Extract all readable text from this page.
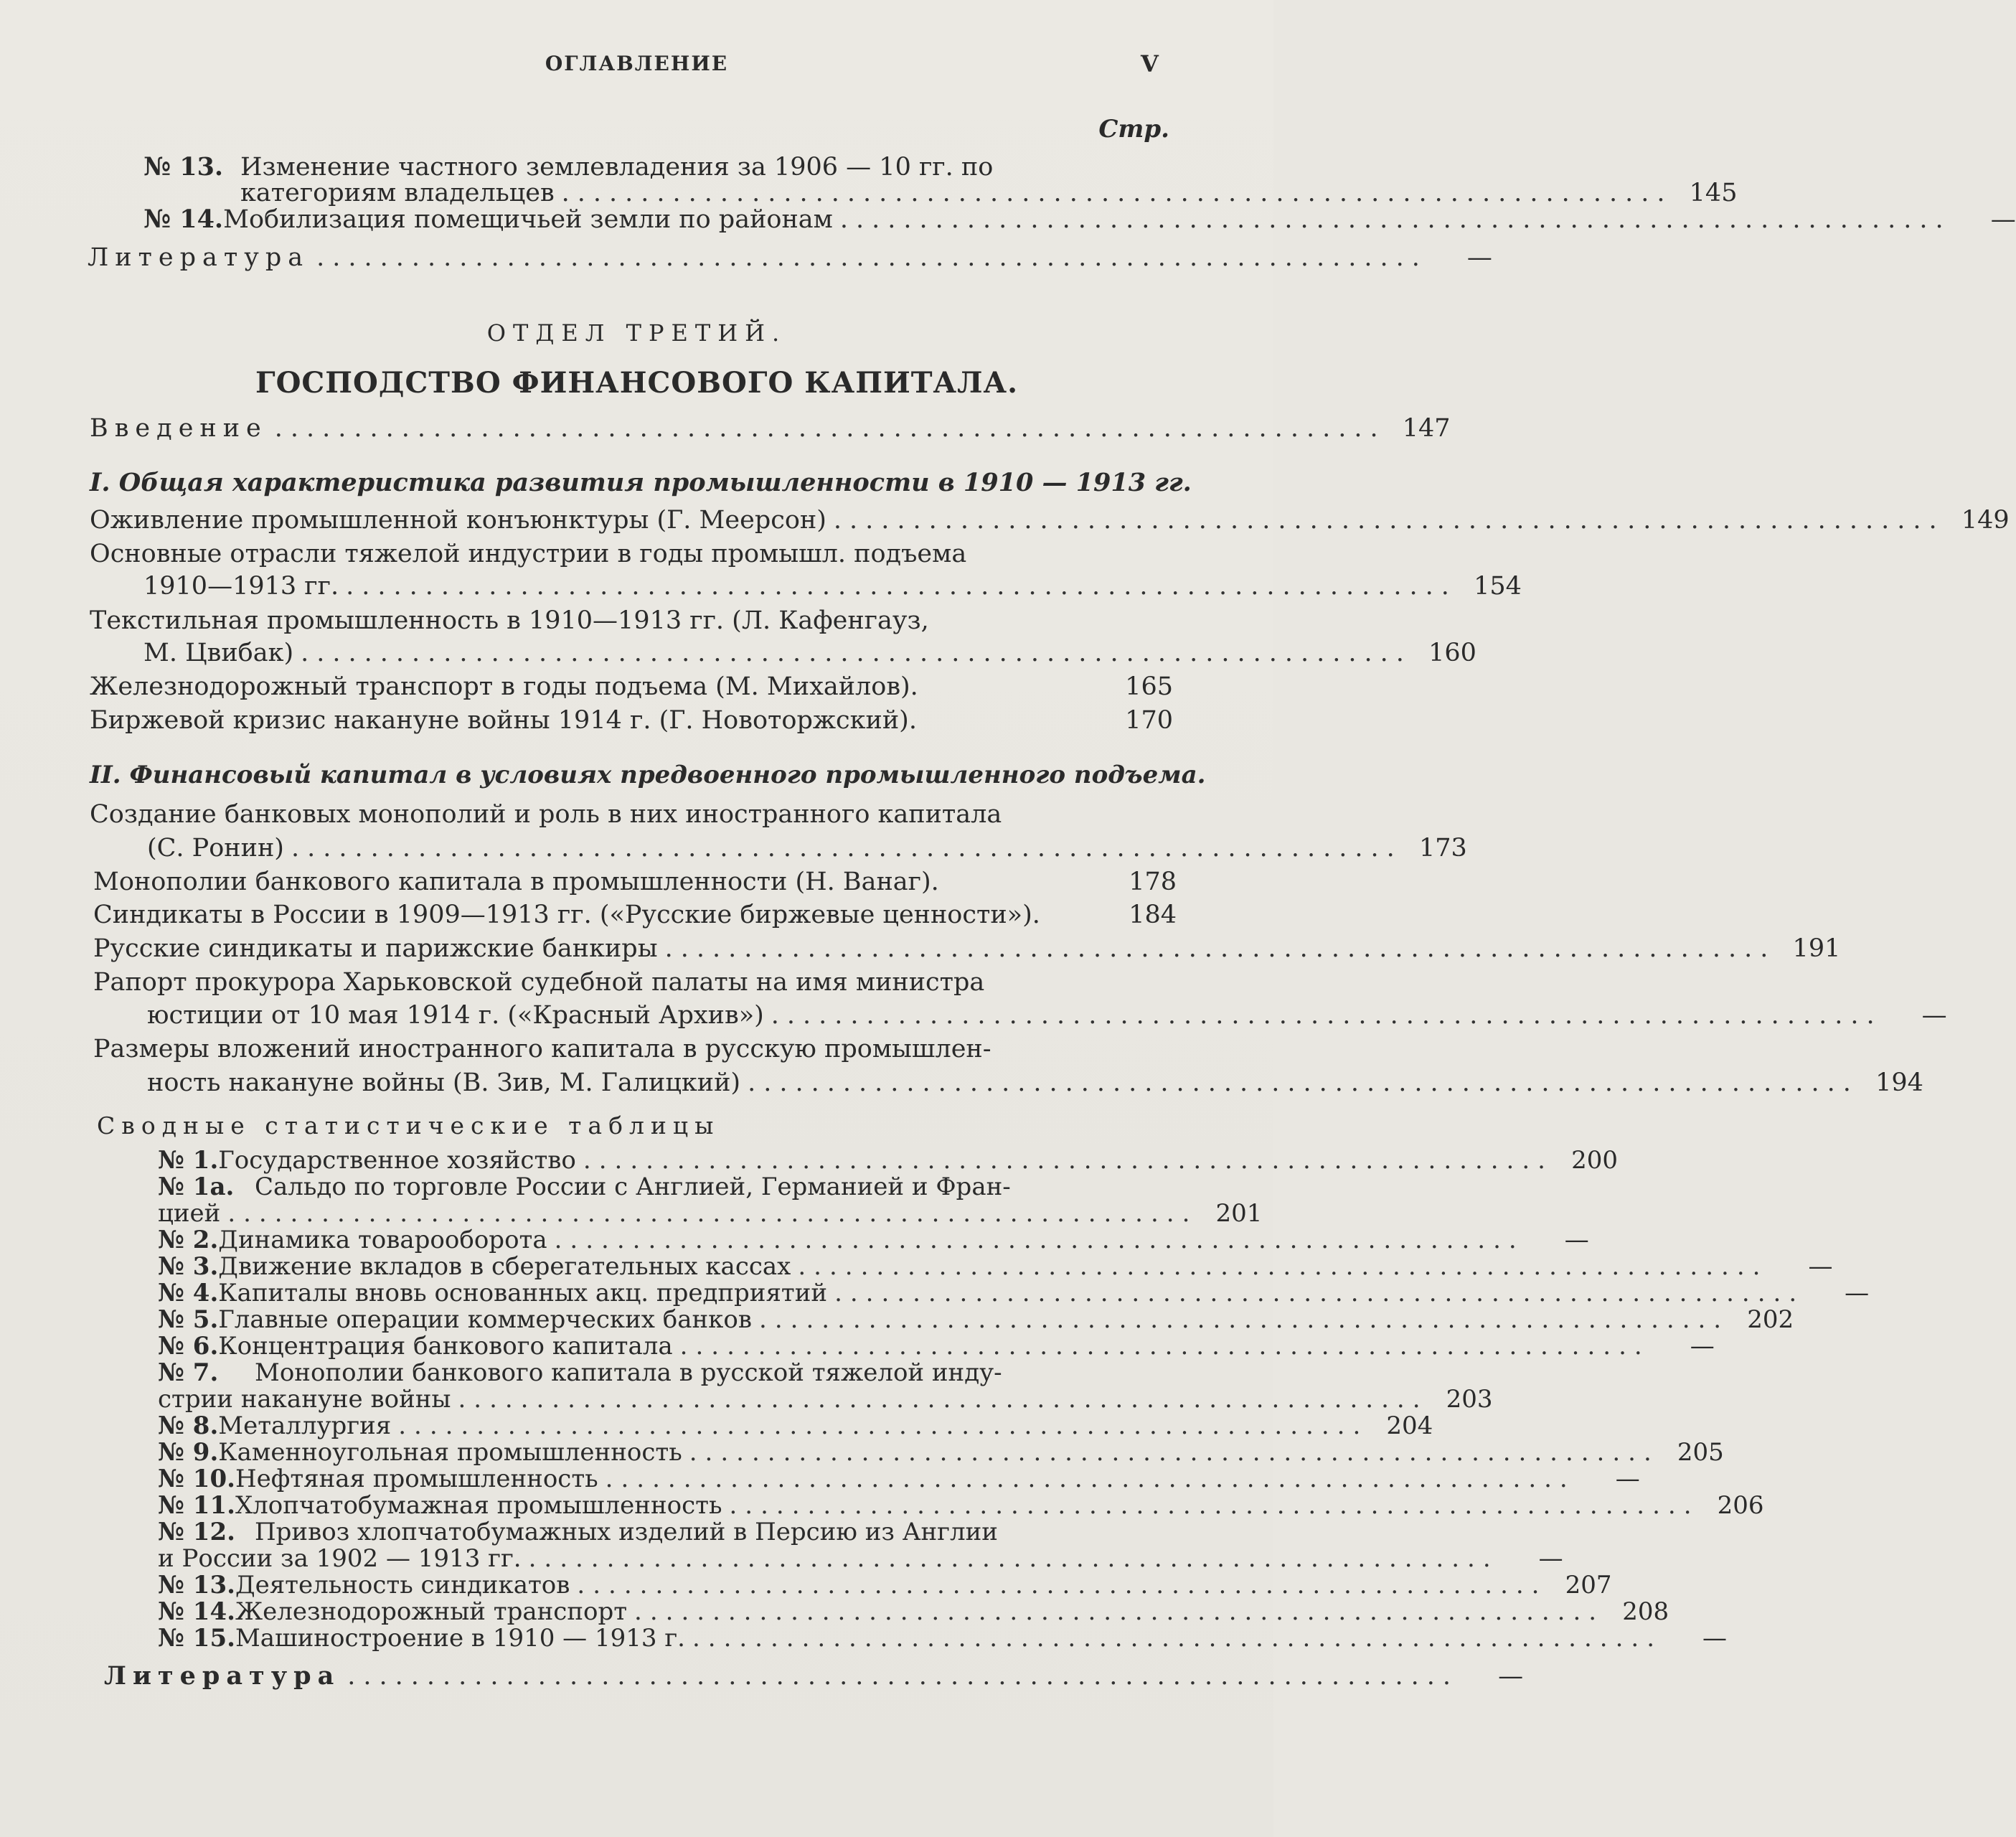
ОГЛАВЛЕНИЕ	V
Стр.
№ 13. Изменение частного землевладения за 1906 — 10 гг. по
категориям владельцев ...................................................................... 145
№ 14. Мобилизация помещичьей земли по районам ......................................................................	—
Литература ......................................................................	—
ОТДЕЛ ТРЕТИЙ.
ГОСПОДСТВО ФИНАНСОВОГО КАПИТАЛА.
Введение ...................................................................... 147
I. Общая характеристика развития промышленности в 1910 — 1913 гг.
Оживление промышленной конъюнктуры (Г. Меерсон) ...................................................................... 149
Основные отрасли тяжелой индустрии в годы промышл. подъема
1910—1913 гг. ...................................................................... 154
Текстильная промышленность в 1910—1913 гг. (Л. Кафенгауз,
М. Цвибак) ...................................................................... 160
Железнодорожный транспорт в годы подъема (М. Михайлов).	165
Биржевой кризис накануне войны 1914 г. (Г. Новоторжский).	170
II. Финансовый капитал в условиях предвоенного промышленного подъема.
Создание банковых монополий и роль в них иностранного капитала
(С. Ронин) ...................................................................... 173
Монополии банкового капитала в промышленности (Н. Ванаг).	178
Синдикаты в России в 1909—1913 гг. («Русские биржевые ценности»).	184
Русские синдикаты и парижские банкиры ...................................................................... 191
Рапорт прокурора Харьковской судебной палаты на имя министра
юстиции от 10 мая 1914 г. («Красный Архив») ......................................................................	—
Размеры вложений иностранного капитала в русскую промышлен-
ность накануне войны (В. Зив, М. Галицкий) ...................................................................... 194
Сводные статистические таблицы
№ 1. Государственное хозяйство .............................................................. 200
№ 1а. Сальдо по торговле России с Англией, Германией и Фран-
цией .............................................................. 201
№ 2. Динамика товарооборота ..............................................................	—
№ 3. Движение вкладов в сберегательных кассах ..............................................................	—
№ 4. Капиталы вновь основанных акц. предприятий ..............................................................	—
№ 5. Главные операции коммерческих банков .............................................................. 202
№ 6. Концентрация банкового капитала ..............................................................	—
№ 7.	Монополии банкового капитала в русской тяжелой инду-
стрии накануне войны .............................................................. 203
№ 8. Металлургия .............................................................. 204
№ 9. Каменноугольная промышленность .............................................................. 205
№ 10. Нефтяная промышленность ..............................................................	—
№ 11. Хлопчатобумажная промышленность .............................................................. 206
№ 12. Привоз хлопчатобумажных изделий в Персию из Англии
и России за 1902 — 1913 гг. ..............................................................	—
№ 13. Деятельность синдикатов .............................................................. 207
№ 14. Железнодорожный транспорт .............................................................. 208
№ 15. Машиностроение в 1910 — 1913 г. ..............................................................	—
Литература ......................................................................	—
